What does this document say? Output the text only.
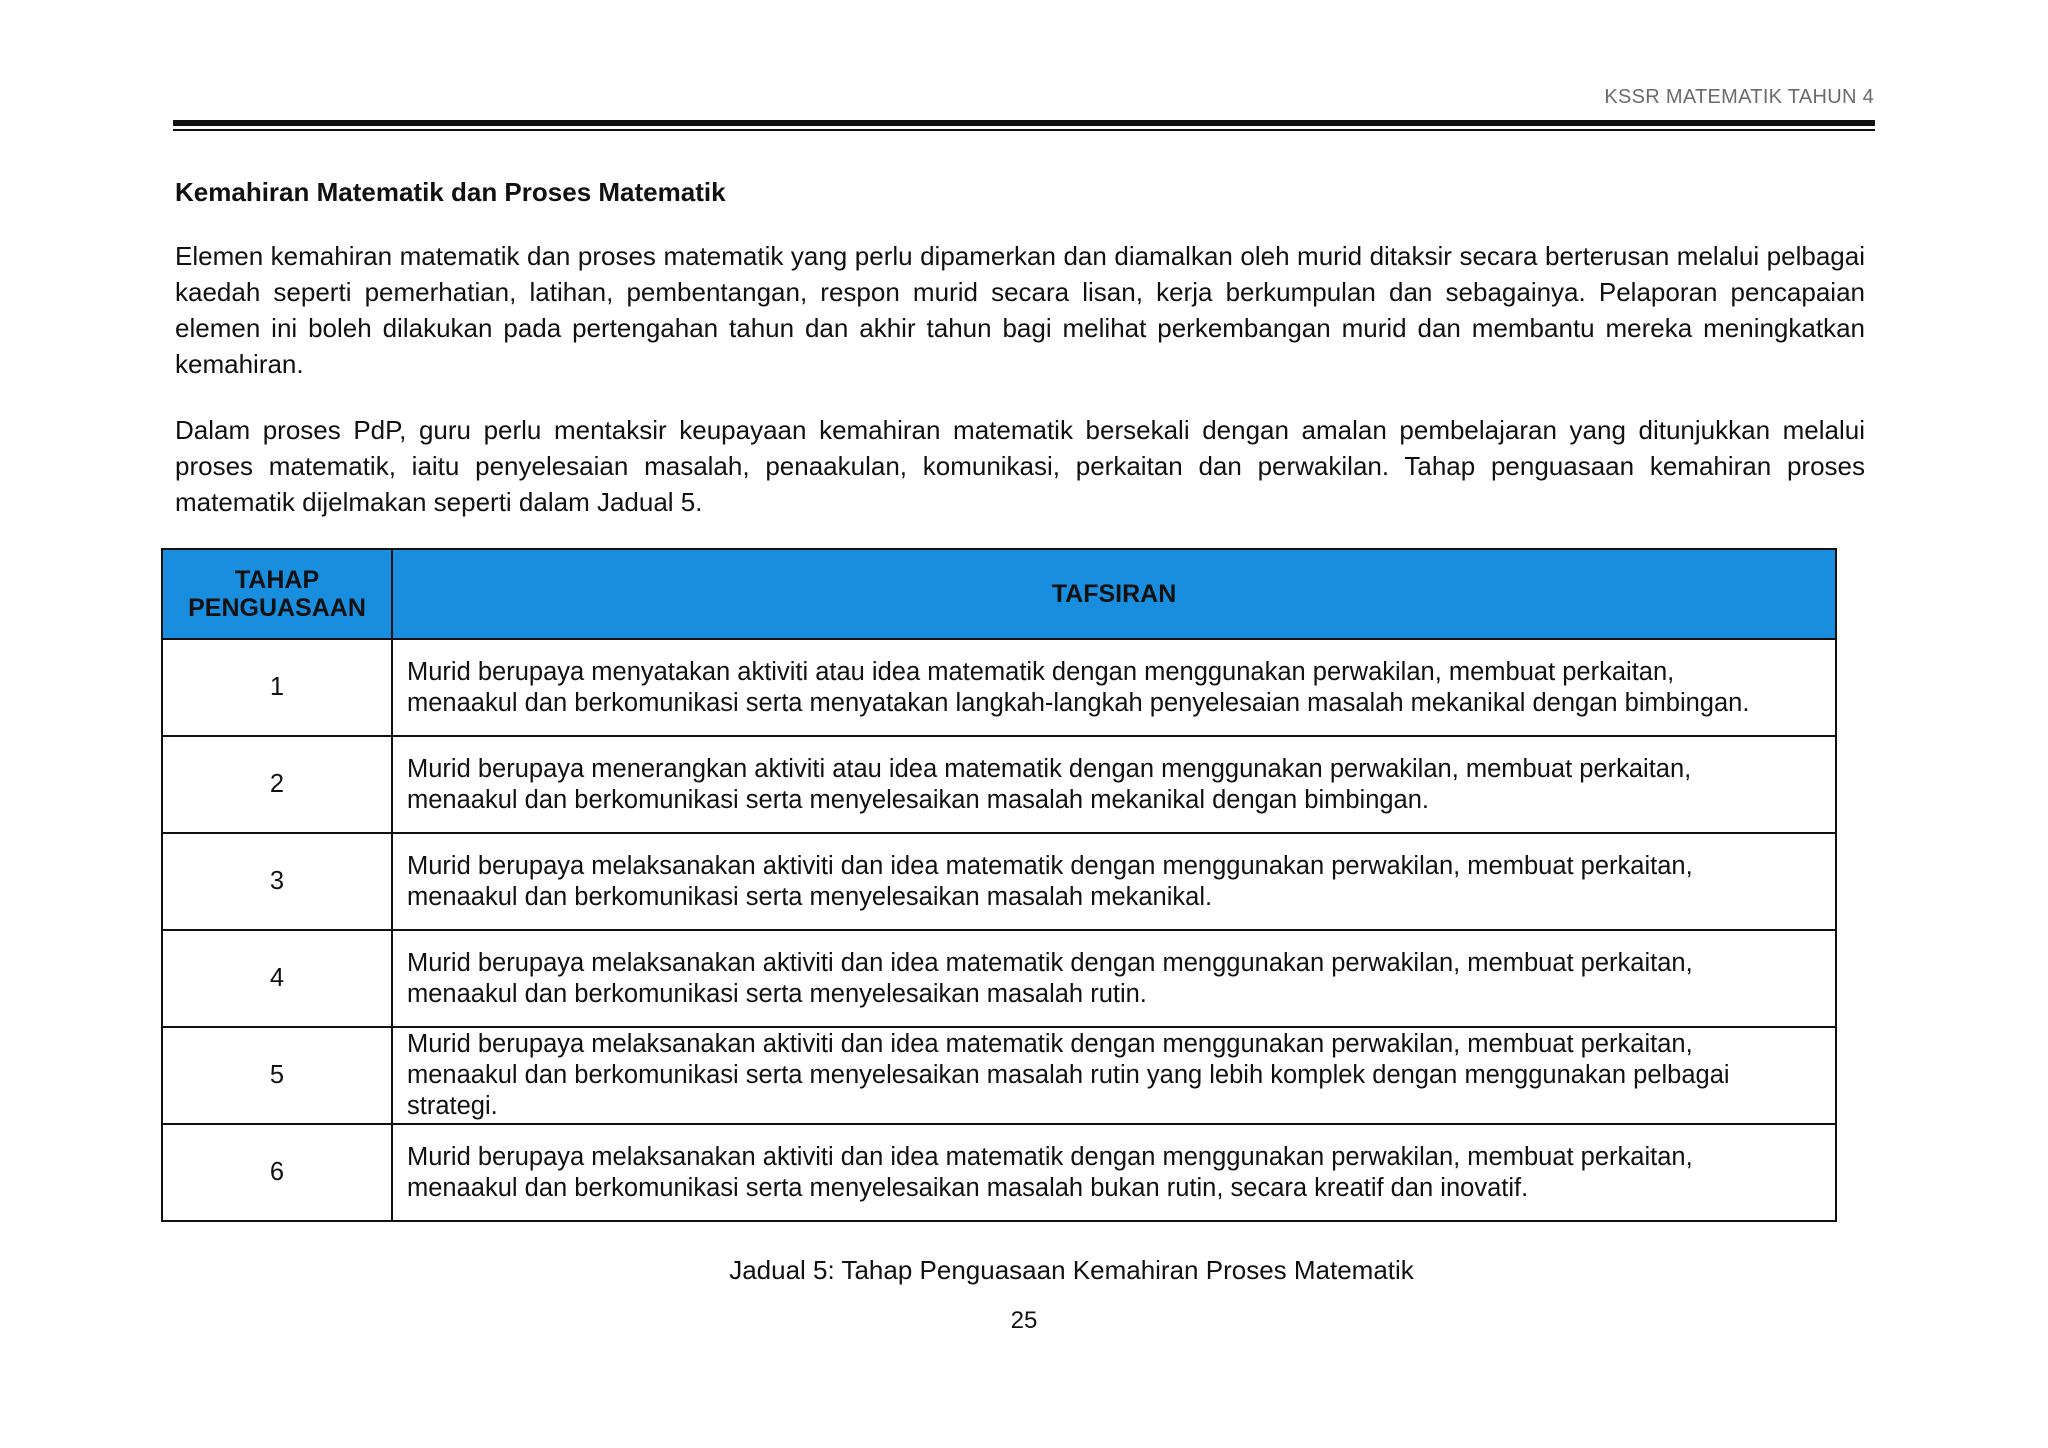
KSSR MATEMATIK TAHUN 4
Kemahiran Matematik dan Proses Matematik

Elemen kemahiran matematik dan proses matematik yang perlu dipamerkan dan diamalkan oleh murid ditaksir secara berterusan melalui pelbagai kaedah seperti pemerhatian, latihan, pembentangan, respon murid secara lisan, kerja berkumpulan dan sebagainya. Pelaporan pencapaian elemen ini boleh dilakukan pada pertengahan tahun dan akhir tahun bagi melihat perkembangan murid dan membantu mereka meningkatkan kemahiran.

Dalam proses PdP, guru perlu mentaksir keupayaan kemahiran matematik bersekali dengan amalan pembelajaran yang ditunjukkan melalui proses matematik, iaitu penyelesaian masalah, penaakulan, komunikasi, perkaitan dan perwakilan. Tahap penguasaan kemahiran proses matematik dijelmakan seperti dalam Jadual 5.

TAHAP
PENGUASAAN	TAFSIRAN
1	Murid berupaya menyatakan aktiviti atau idea matematik dengan menggunakan perwakilan, membuat perkaitan,
menaakul dan berkomunikasi serta menyatakan langkah-langkah penyelesaian masalah mekanikal dengan bimbingan.
2	Murid berupaya menerangkan aktiviti atau idea matematik dengan menggunakan perwakilan, membuat perkaitan,
menaakul dan berkomunikasi serta menyelesaikan masalah mekanikal dengan bimbingan.
3	Murid berupaya melaksanakan aktiviti dan idea matematik dengan menggunakan perwakilan, membuat perkaitan,
menaakul dan berkomunikasi serta menyelesaikan masalah mekanikal.
4	Murid berupaya melaksanakan aktiviti dan idea matematik dengan menggunakan perwakilan, membuat perkaitan,
menaakul dan berkomunikasi serta menyelesaikan masalah rutin.
5	Murid berupaya melaksanakan aktiviti dan idea matematik dengan menggunakan perwakilan, membuat perkaitan,
menaakul dan berkomunikasi serta menyelesaikan masalah rutin yang lebih komplek dengan menggunakan pelbagai
strategi.
6	Murid berupaya melaksanakan aktiviti dan idea matematik dengan menggunakan perwakilan, membuat perkaitan,
menaakul dan berkomunikasi serta menyelesaikan masalah bukan rutin, secara kreatif dan inovatif.

Jadual 5: Tahap Penguasaan Kemahiran Proses Matematik

25
